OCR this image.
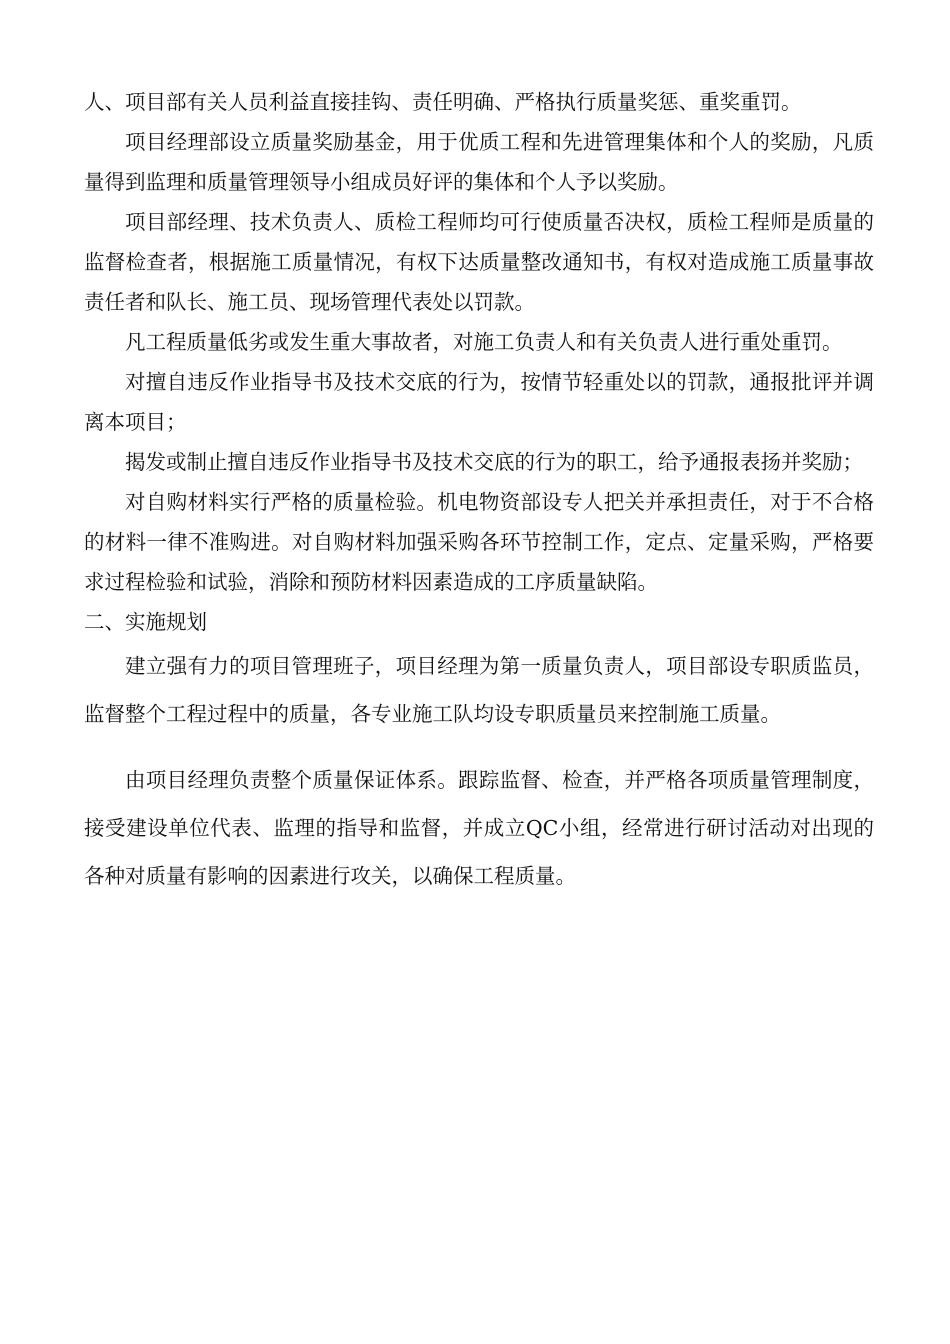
人、项目部有关人员利益直接挂钩、责任明确、严格执行质量奖惩、重奖重罚。

项目经理部设立质量奖励基金，用于优质工程和先进管理集体和个人的奖励，凡质量得到监理和质量管理领导小组成员好评的集体和个人予以奖励。

项目部经理、技术负责人、质检工程师均可行使质量否决权，质检工程师是质量的监督检查者，根据施工质量情况，有权下达质量整改通知书，有权对造成施工质量事故责任者和队长、施工员、现场管理代表处以罚款。

凡工程质量低劣或发生重大事故者，对施工负责人和有关负责人进行重处重罚。

对擅自违反作业指导书及技术交底的行为，按情节轻重处以的罚款，通报批评并调离本项目；

揭发或制止擅自违反作业指导书及技术交底的行为的职工，给予通报表扬并奖励；

对自购材料实行严格的质量检验。机电物资部设专人把关并承担责任，对于不合格的材料一律不准购进。对自购材料加强采购各环节控制工作，定点、定量采购，严格要求过程检验和试验，消除和预防材料因素造成的工序质量缺陷。

二、实施规划

建立强有力的项目管理班子，项目经理为第一质量负责人，项目部设专职质监员，监督整个工程过程中的质量，各专业施工队均设专职质量员来控制施工质量。

由项目经理负责整个质量保证体系。跟踪监督、检查，并严格各项质量管理制度，接受建设单位代表、监理的指导和监督，并成立QC小组，经常进行研讨活动对出现的各种对质量有影响的因素进行攻关，以确保工程质量。
